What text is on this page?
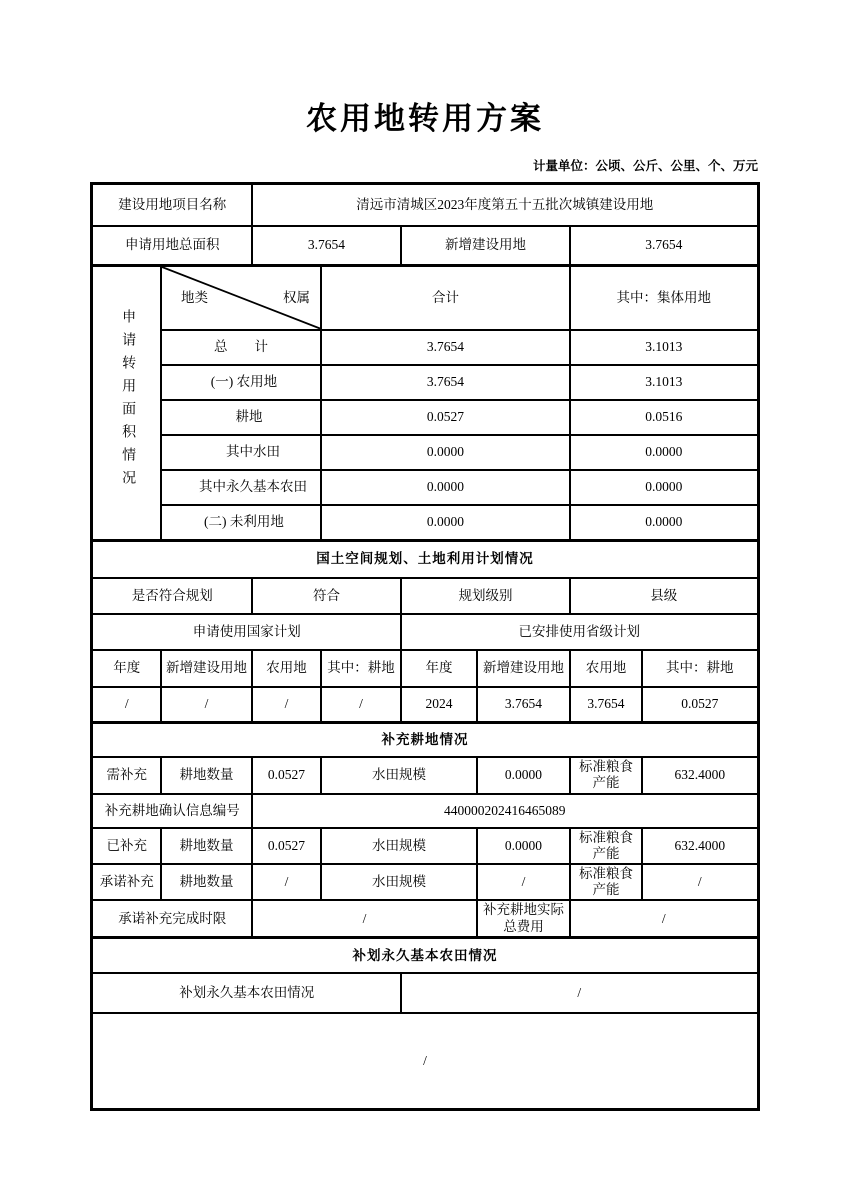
农用地转用方案
计量单位：公顷、公斤、公里、个、万元
建设用地项目名称		清远市清城区2023年度第五十五批次城镇建设用地					
申请用地总面积		3.7654		新增建设用地		3.7654	
申请转用面积情况	地类 权属		合计			其中：集体用地	
	总　　计		3.7654			3.1013	
	(一) 农用地		3.7654			3.1013	
	耕地		0.0527			0.0516	
	其中水田		0.0000			0.0000	
	其中永久基本农田		0.0000			0.0000	
	(二) 未利用地		0.0000			0.0000	
国土空间规划、土地利用计划情况							
是否符合规划		符合		规划级别		县级	
申请使用国家计划				已安排使用省级计划			
年度	新增建设用地	农用地	其中：耕地	年度	新增建设用地	农用地	其中：耕地
/	/	/	/	2024	3.7654	3.7654	0.0527
补充耕地情况							
需补充	耕地数量	0.0527	水田规模		0.0000	标准粮食产能	632.4000
补充耕地确认信息编号		440000202416465089					
已补充	耕地数量	0.0527	水田规模		0.0000	标准粮食产能	632.4000
承诺补充	耕地数量	/	水田规模		/	标准粮食产能	/
承诺补充完成时限		/			补充耕地实际总费用	/	
补划永久基本农田情况							
补划永久基本农田情况				/			
/							
